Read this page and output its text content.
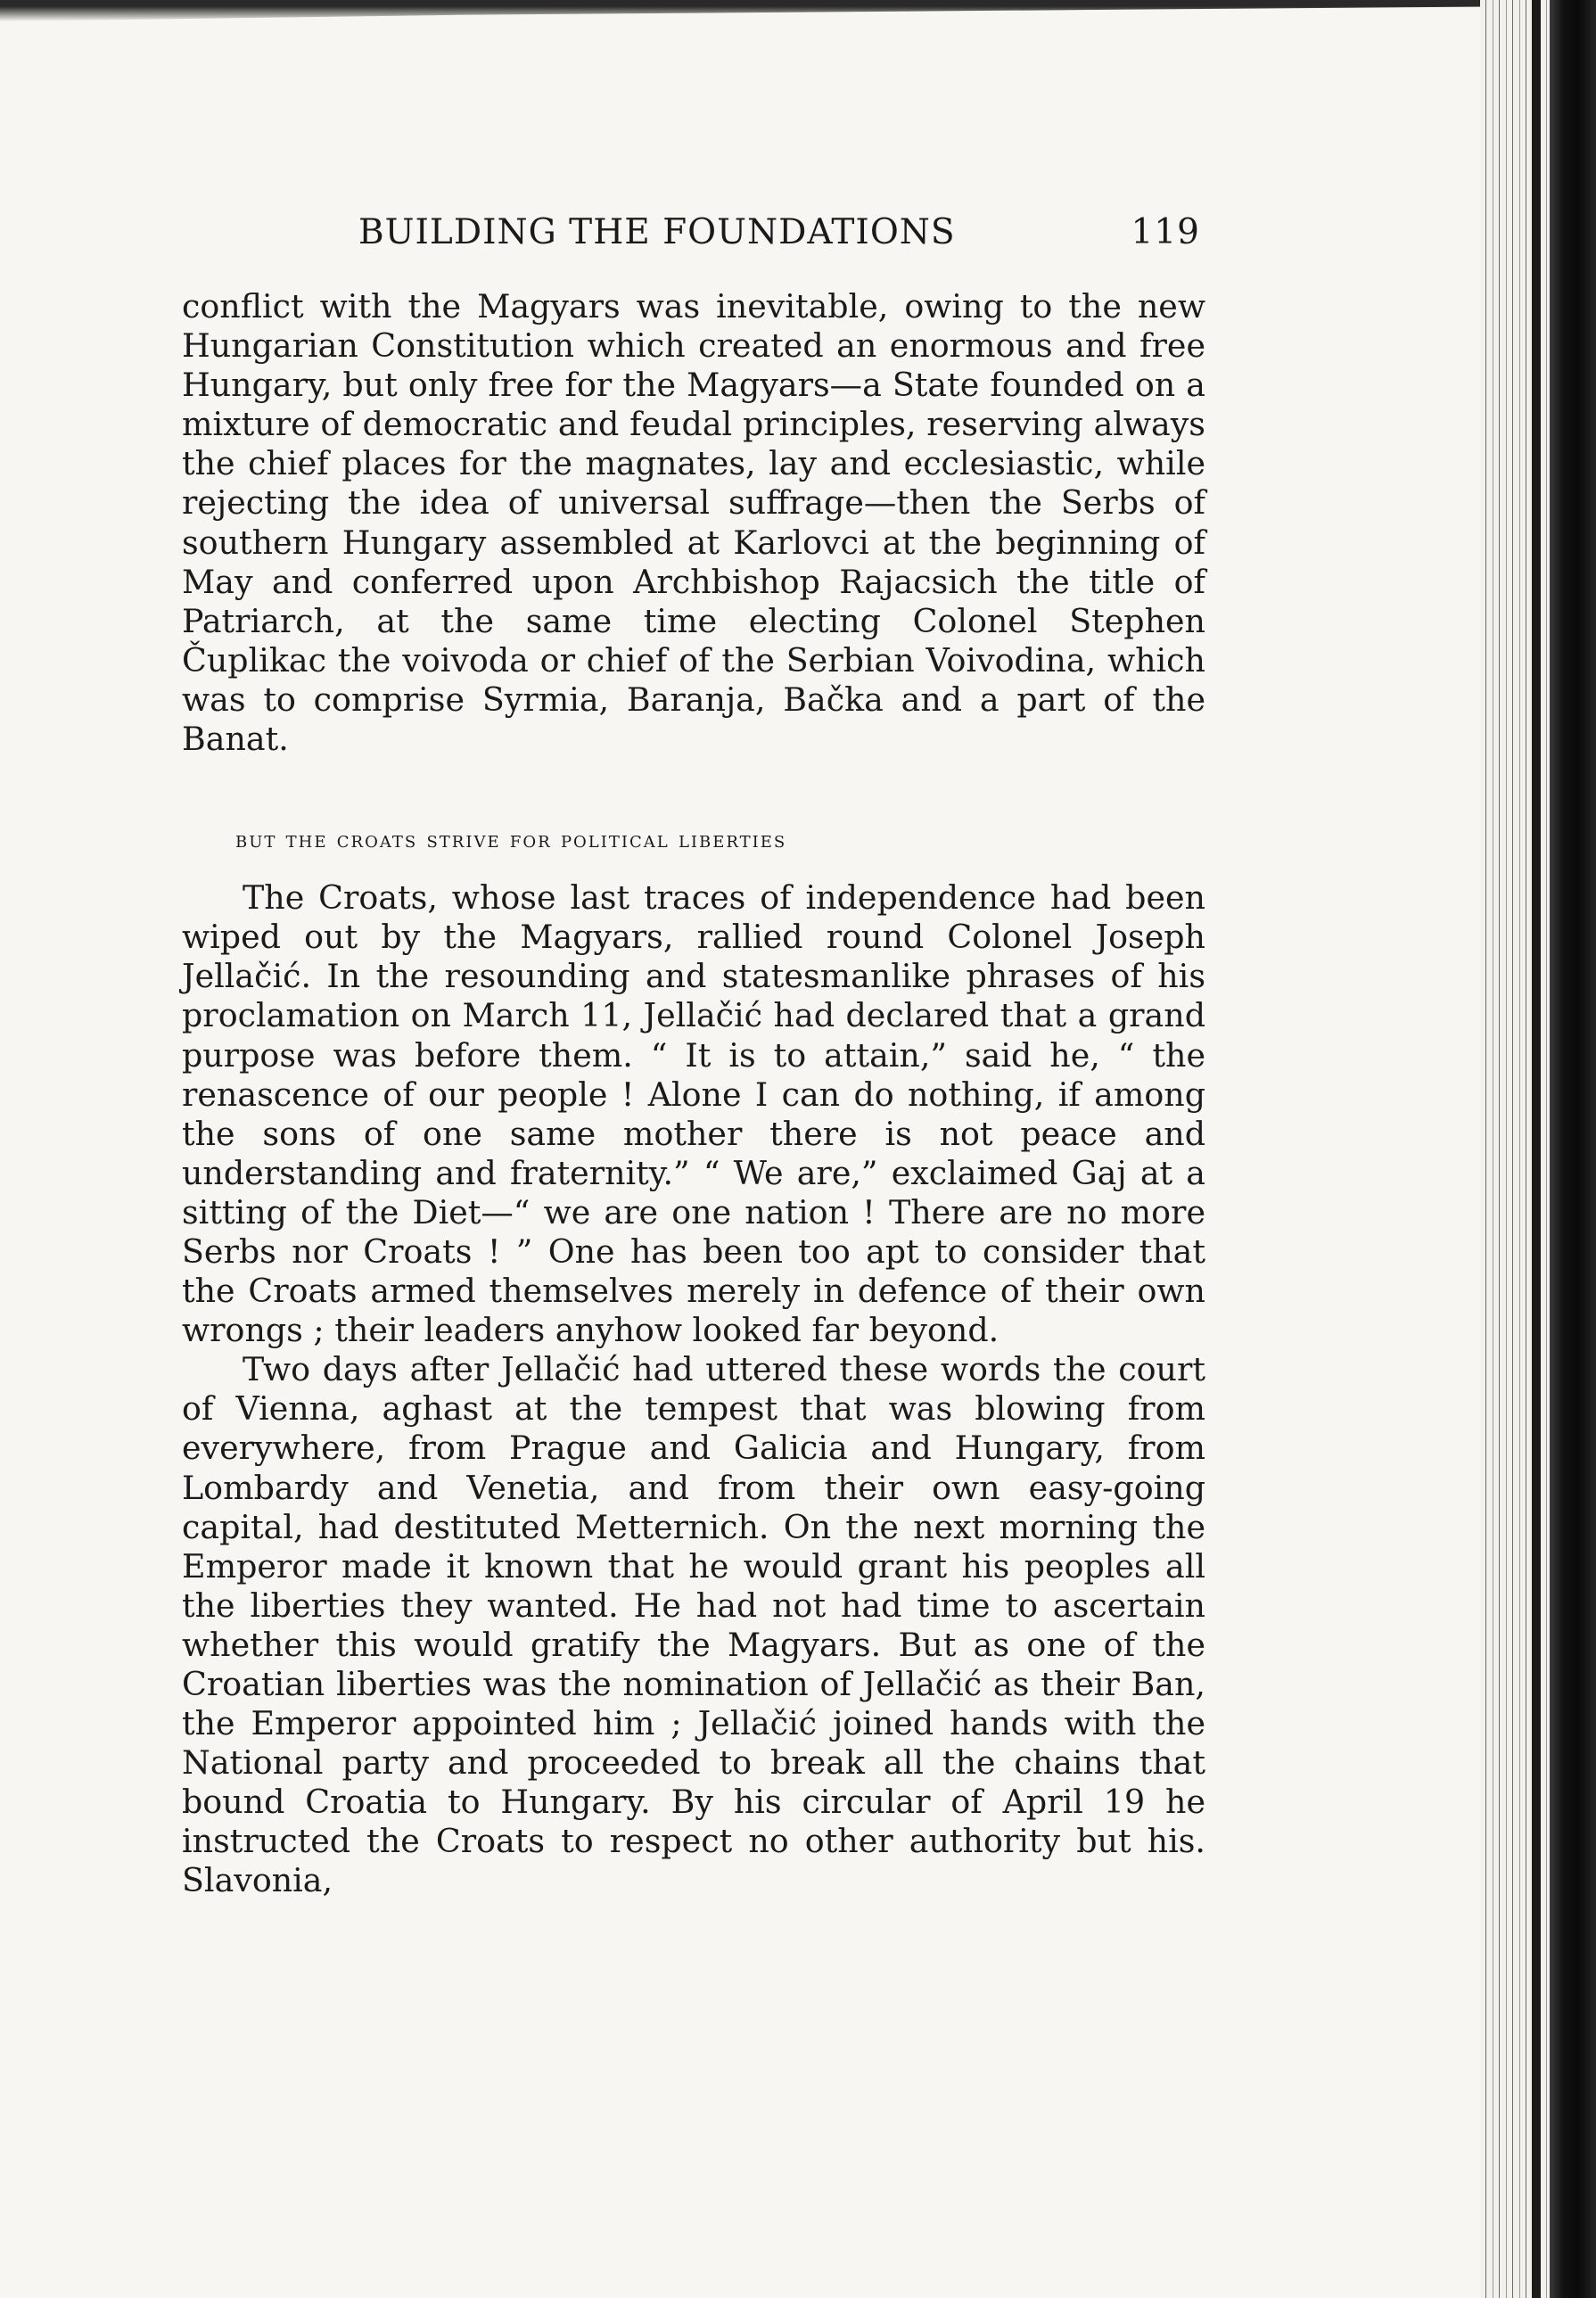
BUILDING THE FOUNDATIONS	119

conflict with the Magyars was inevitable, owing to the new Hungarian Constitution which created an enormous and free Hungary, but only free for the Magyars—a State founded on a mixture of democratic and feudal principles, reserving always the chief places for the magnates, lay and ecclesiastic, while rejecting the idea of universal suffrage—then the Serbs of southern Hungary assembled at Karlovci at the beginning of May and conferred upon Archbishop Rajacsich the title of Patriarch, at the same time electing Colonel Stephen Čuplikac the voivoda or chief of the Serbian Voivodina, which was to comprise Syrmia, Baranja, Bačka and a part of the Banat.

but the croats strive for political liberties

The Croats, whose last traces of independence had been wiped out by the Magyars, rallied round Colonel Joseph Jellačić. In the resounding and statesmanlike phrases of his proclamation on March 11, Jellačić had declared that a grand purpose was before them. “ It is to attain,” said he, “ the renascence of our people ! Alone I can do nothing, if among the sons of one same mother there is not peace and understanding and fraternity.” “ We are,” exclaimed Gaj at a sitting of the Diet—“ we are one nation ! There are no more Serbs nor Croats ! ” One has been too apt to consider that the Croats armed themselves merely in defence of their own wrongs ; their leaders anyhow looked far beyond.

Two days after Jellačić had uttered these words the court of Vienna, aghast at the tempest that was blowing from everywhere, from Prague and Galicia and Hungary, from Lombardy and Venetia, and from their own easy-going capital, had destituted Metternich. On the next morning the Emperor made it known that he would grant his peoples all the liberties they wanted. He had not had time to ascertain whether this would gratify the Magyars. But as one of the Croatian liberties was the nomination of Jellačić as their Ban, the Emperor appointed him ; Jellačić joined hands with the National party and proceeded to break all the chains that bound Croatia to Hungary. By his circular of April 19 he instructed the Croats to respect no other authority but his. Slavonia,
